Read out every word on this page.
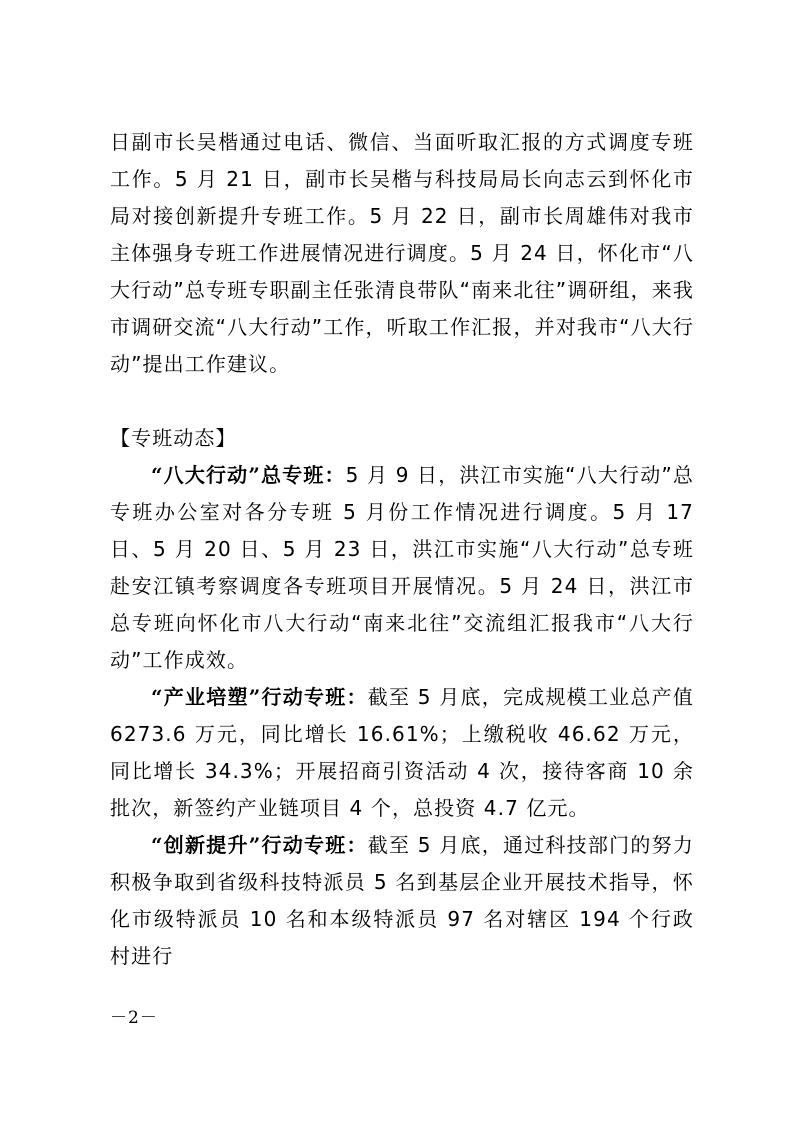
日副市长吴楷通过电话、微信、当面听取汇报的方式调度专班工作。5 月 21 日，副市长吴楷与科技局局长向志云到怀化市局对接创新提升专班工作。5 月 22 日，副市长周雄伟对我市主体强身专班工作进展情况进行调度。5 月 24 日，怀化市“八大行动”总专班专职副主任张清良带队“南来北往”调研组，来我市调研交流“八大行动”工作，听取工作汇报，并对我市“八大行动”提出工作建议。

【专班动态】

“八大行动”总专班：5 月 9 日，洪江市实施“八大行动”总专班办公室对各分专班 5 月份工作情况进行调度。5 月 17 日、5 月 20 日、5 月 23 日，洪江市实施“八大行动”总专班赴安江镇考察调度各专班项目开展情况。5 月 24 日，洪江市总专班向怀化市八大行动“南来北往”交流组汇报我市“八大行动”工作成效。

“产业培塑”行动专班：截至 5 月底，完成规模工业总产值6273.6 万元，同比增长 16.61%；上缴税收 46.62 万元，同比增长 34.3%；开展招商引资活动 4 次，接待客商 10 余批次，新签约产业链项目 4 个，总投资 4.7 亿元。

“创新提升”行动专班：截至 5 月底，通过科技部门的努力积极争取到省级科技特派员 5 名到基层企业开展技术指导，怀化市级特派员 10 名和本级特派员 97 名对辖区 194 个行政村进行

－2－
